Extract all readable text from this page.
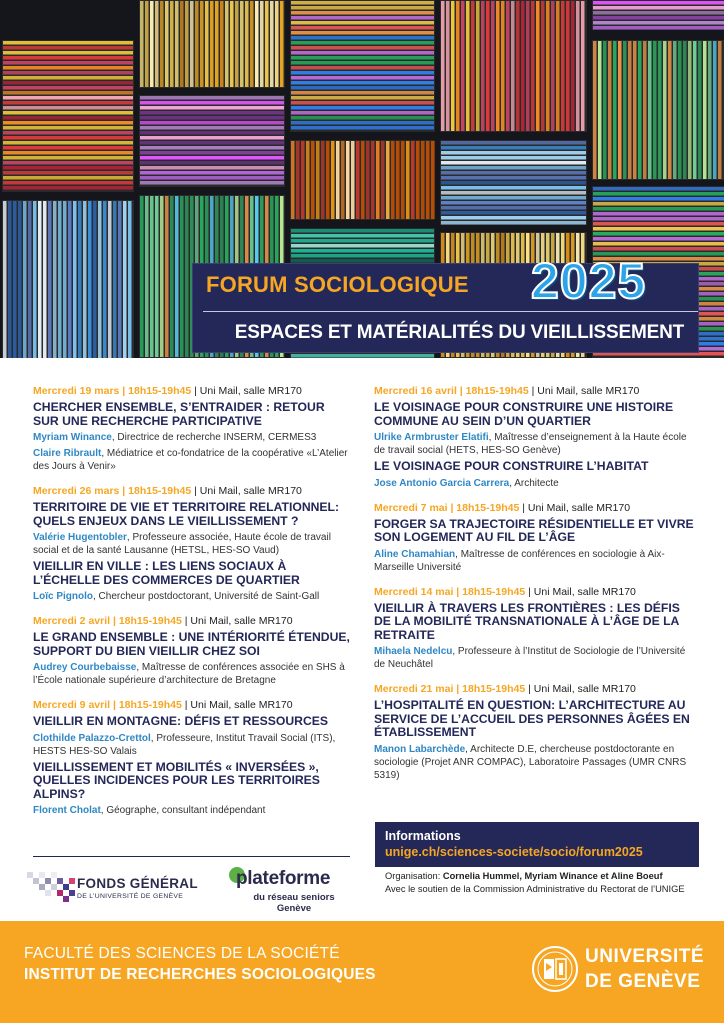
FORUM SOCIOLOGIQUE 2025
ESPACES ET MATÉRIALITÉS DU VIEILLISSEMENT
Mercredi 19 mars | 18h15-19h45 | Uni Mail, salle MR170
CHERCHER ENSEMBLE, S’ENTRAIDER : RETOUR SUR UNE RECHERCHE PARTICIPATIVE
Myriam Winance, Directrice de recherche INSERM, CERMES3
Claire Ribrault, Médiatrice et co-fondatrice de la coopérative «L’Atelier des Jours à Venir»
Mercredi 26 mars | 18h15-19h45 | Uni Mail, salle MR170
TERRITOIRE DE VIE ET TERRITOIRE RELATIONNEL: QUELS ENJEUX DANS LE VIEILLISSEMENT ?
Valérie Hugentobler, Professeure associée, Haute école de travail social et de la santé Lausanne (HETSL, HES-SO Vaud)
VIEILLIR EN VILLE : LES LIENS SOCIAUX À L’ÉCHELLE DES COMMERCES DE QUARTIER
Loïc Pignolo, Chercheur postdoctorant, Université de Saint-Gall
Mercredi 2 avril | 18h15-19h45 | Uni Mail, salle MR170
LE GRAND ENSEMBLE : UNE INTÉRIORITÉ ÉTENDUE, SUPPORT DU BIEN VIEILLIR CHEZ SOI
Audrey Courbebaisse, Maîtresse de conférences associée en SHS à l’École nationale supérieure d’architecture de Bretagne
Mercredi 9 avril | 18h15-19h45 | Uni Mail, salle MR170
VIEILLIR EN MONTAGNE: DÉFIS ET RESSOURCES
Clothilde Palazzo-Crettol, Professeure, Institut Travail Social (ITS), HESTS HES-SO Valais
VIEILLISSEMENT ET MOBILITÉS « INVERSÉES », QUELLES INCIDENCES POUR LES TERRITOIRES ALPINS?
Florent Cholat, Géographe, consultant indépendant
Mercredi 16 avril | 18h15-19h45 | Uni Mail, salle MR170
LE VOISINAGE POUR CONSTRUIRE UNE HISTOIRE COMMUNE AU SEIN D’UN QUARTIER
Ulrike Armbruster Elatifi, Maîtresse d’enseignement à la Haute école de travail social (HETS, HES-SO Genève)
LE VOISINAGE POUR CONSTRUIRE L’HABITAT
Jose Antonio Garcia Carrera, Architecte
Mercredi 7 mai | 18h15-19h45 | Uni Mail, salle MR170
FORGER SA TRAJECTOIRE RÉSIDENTIELLE ET VIVRE SON LOGEMENT AU FIL DE L’ÂGE
Aline Chamahian, Maîtresse de conférences en sociologie à Aix-Marseille Université
Mercredi 14 mai | 18h15-19h45 | Uni Mail, salle MR170
VIEILLIR À TRAVERS LES FRONTIÈRES : LES DÉFIS DE LA MOBILITÉ TRANSNATIONALE À L’ÂGE DE LA RETRAITE
Mihaela Nedelcu, Professeure à l’Institut de Sociologie de l’Université de Neuchâtel
Mercredi 21 mai | 18h15-19h45 | Uni Mail, salle MR170
L’HOSPITALITÉ EN QUESTION: L’ARCHITECTURE AU SERVICE DE L’ACCUEIL DES PERSONNES ÂGÉES EN ÉTABLISSEMENT
Manon Labarchède, Architecte D.E, chercheuse postdoctorante en sociologie (Projet ANR COMPAC), Laboratoire Passages (UMR CNRS 5319)
FONDS GÉNÉRAL
DE L’UNIVERSITÉ DE GENÈVE
plateforme
du réseau seniors
Genève
Informations
unige.ch/sciences-societe/socio/forum2025
Organisation: Cornelia Hummel, Myriam Winance et Aline Boeuf
Avec le soutien de la Commission Administrative du Rectorat de l’UNIGE
FACULTÉ DES SCIENCES DE LA SOCIÉTÉ
INSTITUT DE RECHERCHES SOCIOLOGIQUES
UNIVERSITÉ
DE GENÈVE
